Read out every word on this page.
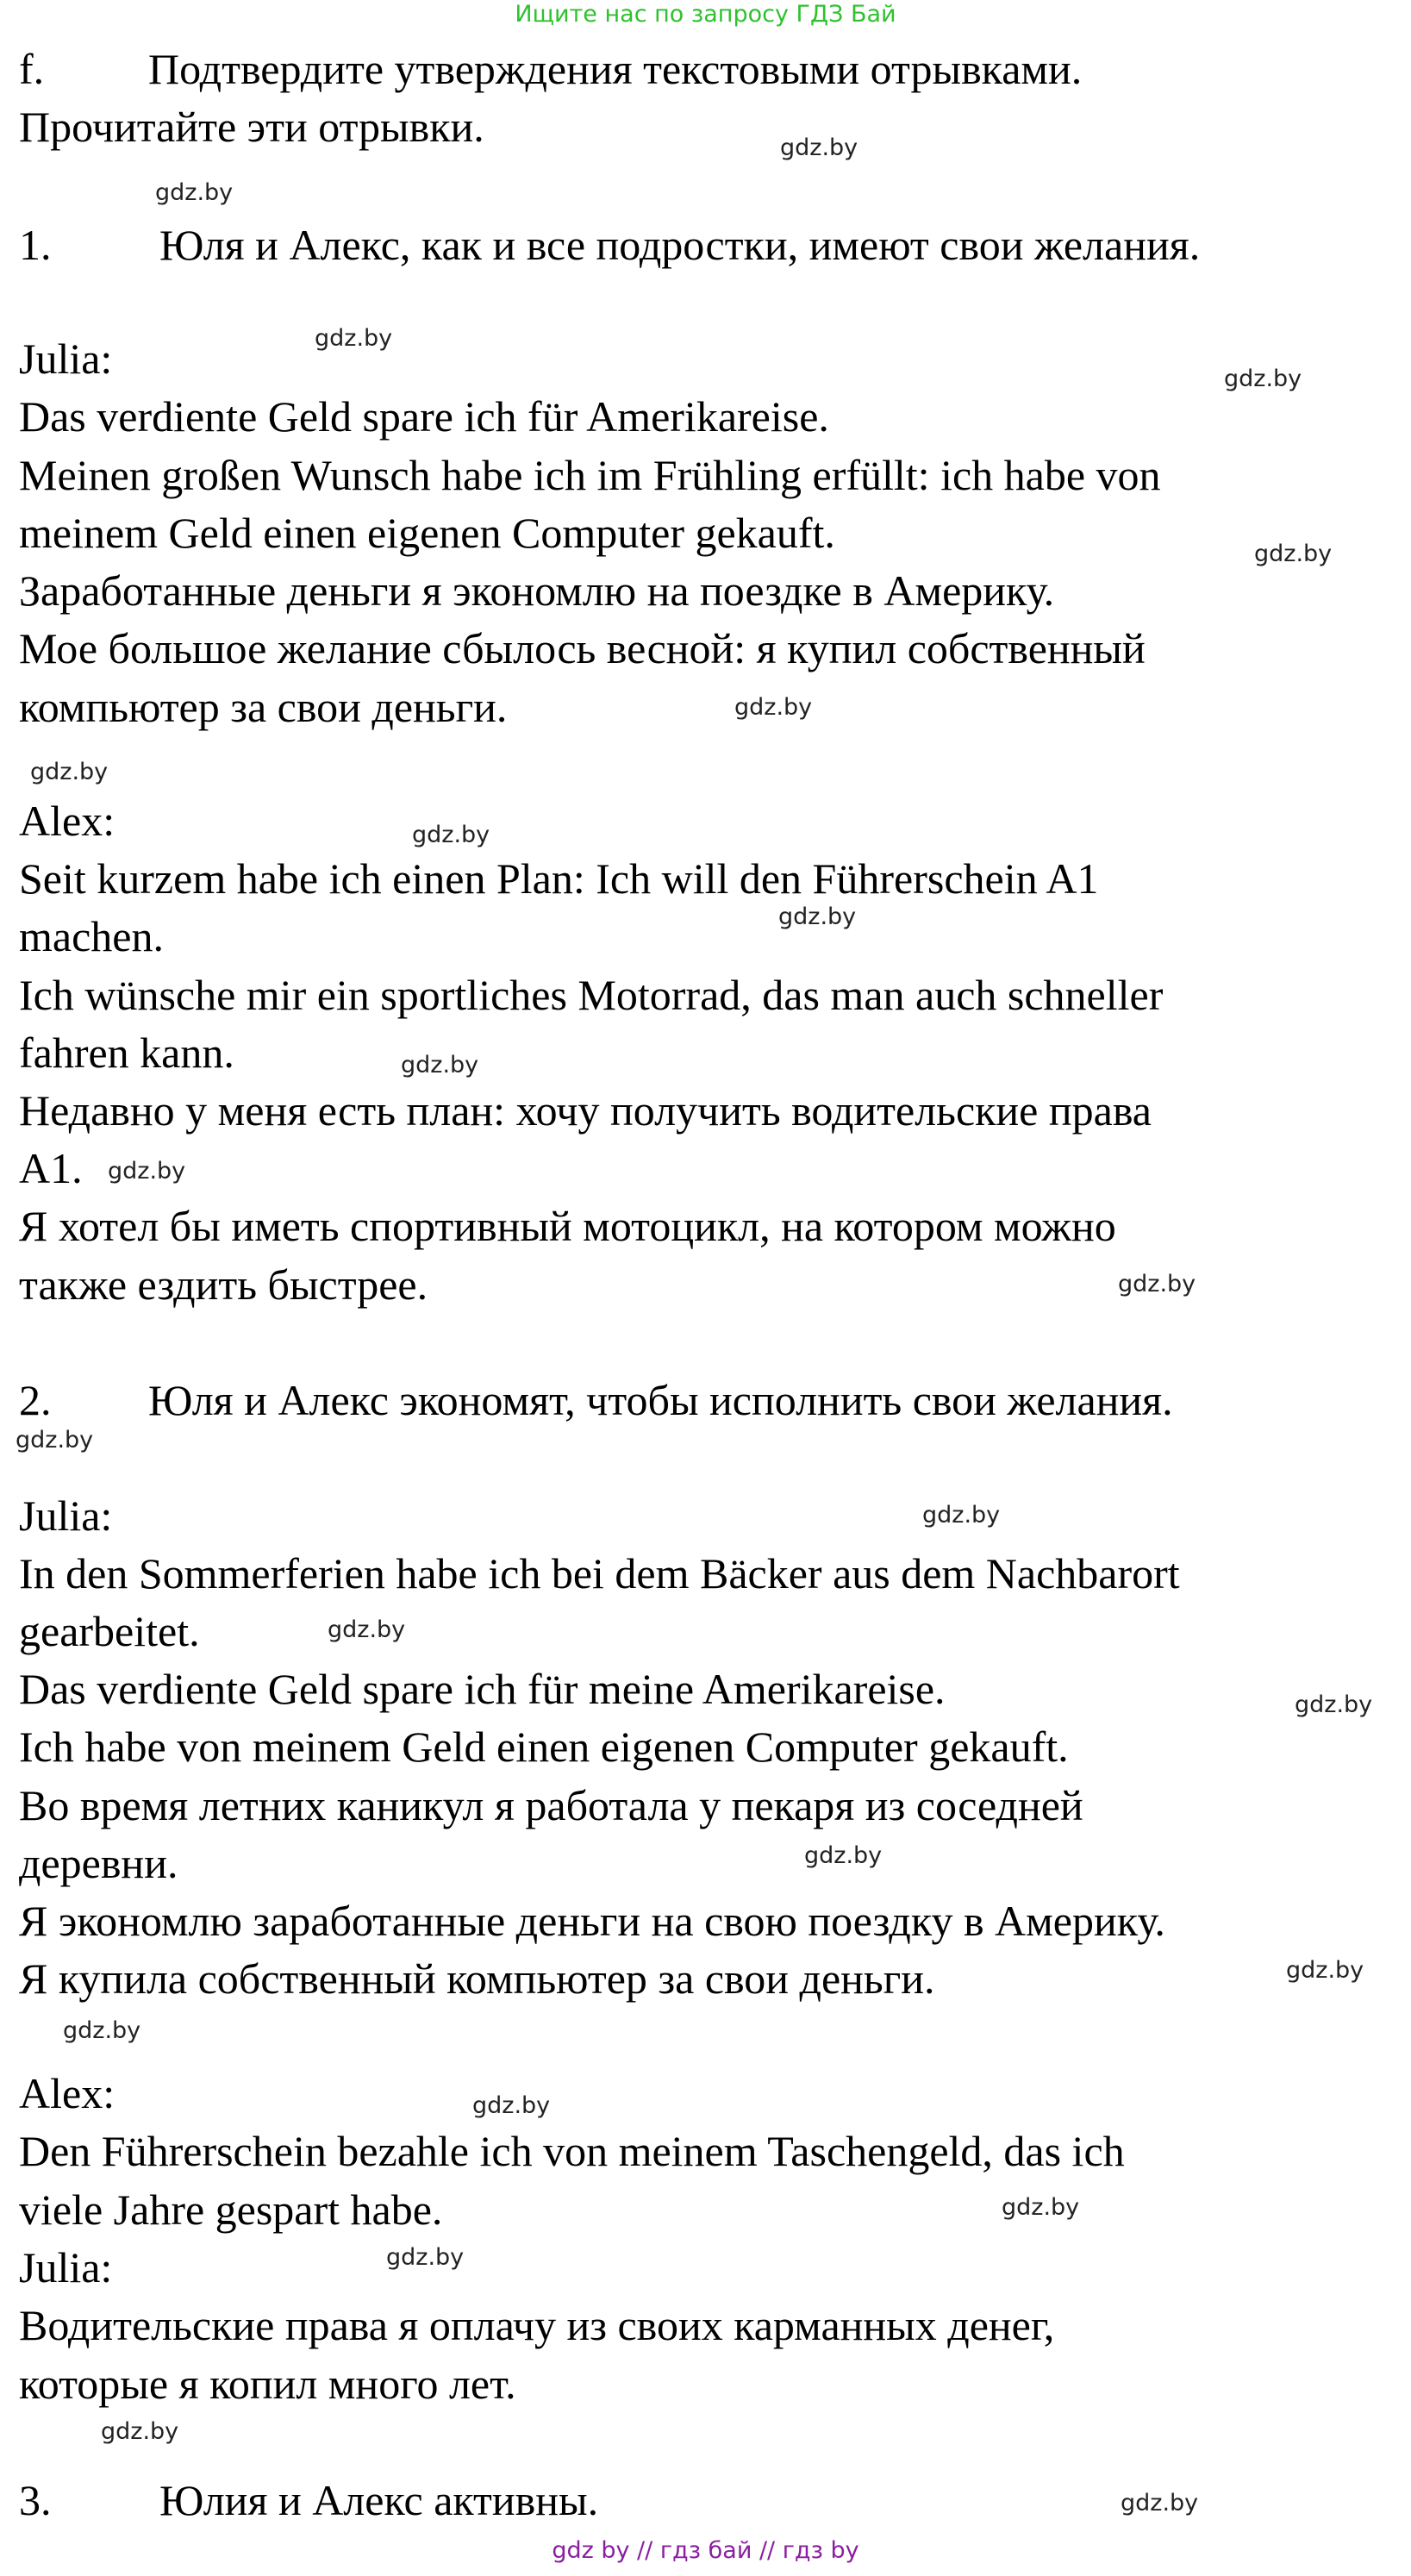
Ищите нас по запросу ГДЗ Бай
f. Подтвердите утверждения текстовыми отрывками.
Прочитайте эти отрывки.
1.	Юля и Алекс, как и все подростки, имеют свои желания.
Julia:
Das verdiente Geld spare ich für Amerikareise.
Meinen großen Wunsch habe ich im Frühling erfüllt: ich habe von
meinem Geld einen eigenen Computer gekauft.
Заработанные деньги я экономлю на поездке в Америку.
Мое большое желание сбылось весной: я купил собственный
компьютер за свои деньги.
Alex:
Seit kurzem habe ich einen Plan: Ich will den Führerschein A1
machen.
Ich wünsche mir ein sportliches Motorrad, das man auch schneller
fahren kann.
Недавно у меня есть план: хочу получить водительские права
A1.
Я хотел бы иметь спортивный мотоцикл, на котором можно
также ездить быстрее.
2. Юля и Алекс экономят, чтобы исполнить свои желания.
Julia:
In den Sommerferien habe ich bei dem Bäcker aus dem Nachbarort
gearbeitet.
Das verdiente Geld spare ich für meine Amerikareise.
Ich habe von meinem Geld einen eigenen Computer gekauft.
Во время летних каникул я работала у пекаря из соседней
деревни.
Я экономлю заработанные деньги на свою поездку в Америку.
Я купила собственный компьютер за свои деньги.
Alex:
Den Führerschein bezahle ich von meinem Taschengeld, das ich
viele Jahre gespart habe.
Julia:
Водительские права я оплачу из своих карманных денег,
которые я копил много лет.
3.	Юлия и Алекс активны.
gdz.by
gdz.by
gdz.by
gdz.by
gdz.by
gdz.by
gdz.by
gdz.by
gdz.by
gdz.by
gdz.by
gdz.by
gdz.by
gdz.by
gdz.by
gdz.by
gdz.by
gdz.by
gdz.by
gdz.by
gdz.by
gdz.by
gdz.by
gdz.by
gdz by // гдз бай // гдз by
